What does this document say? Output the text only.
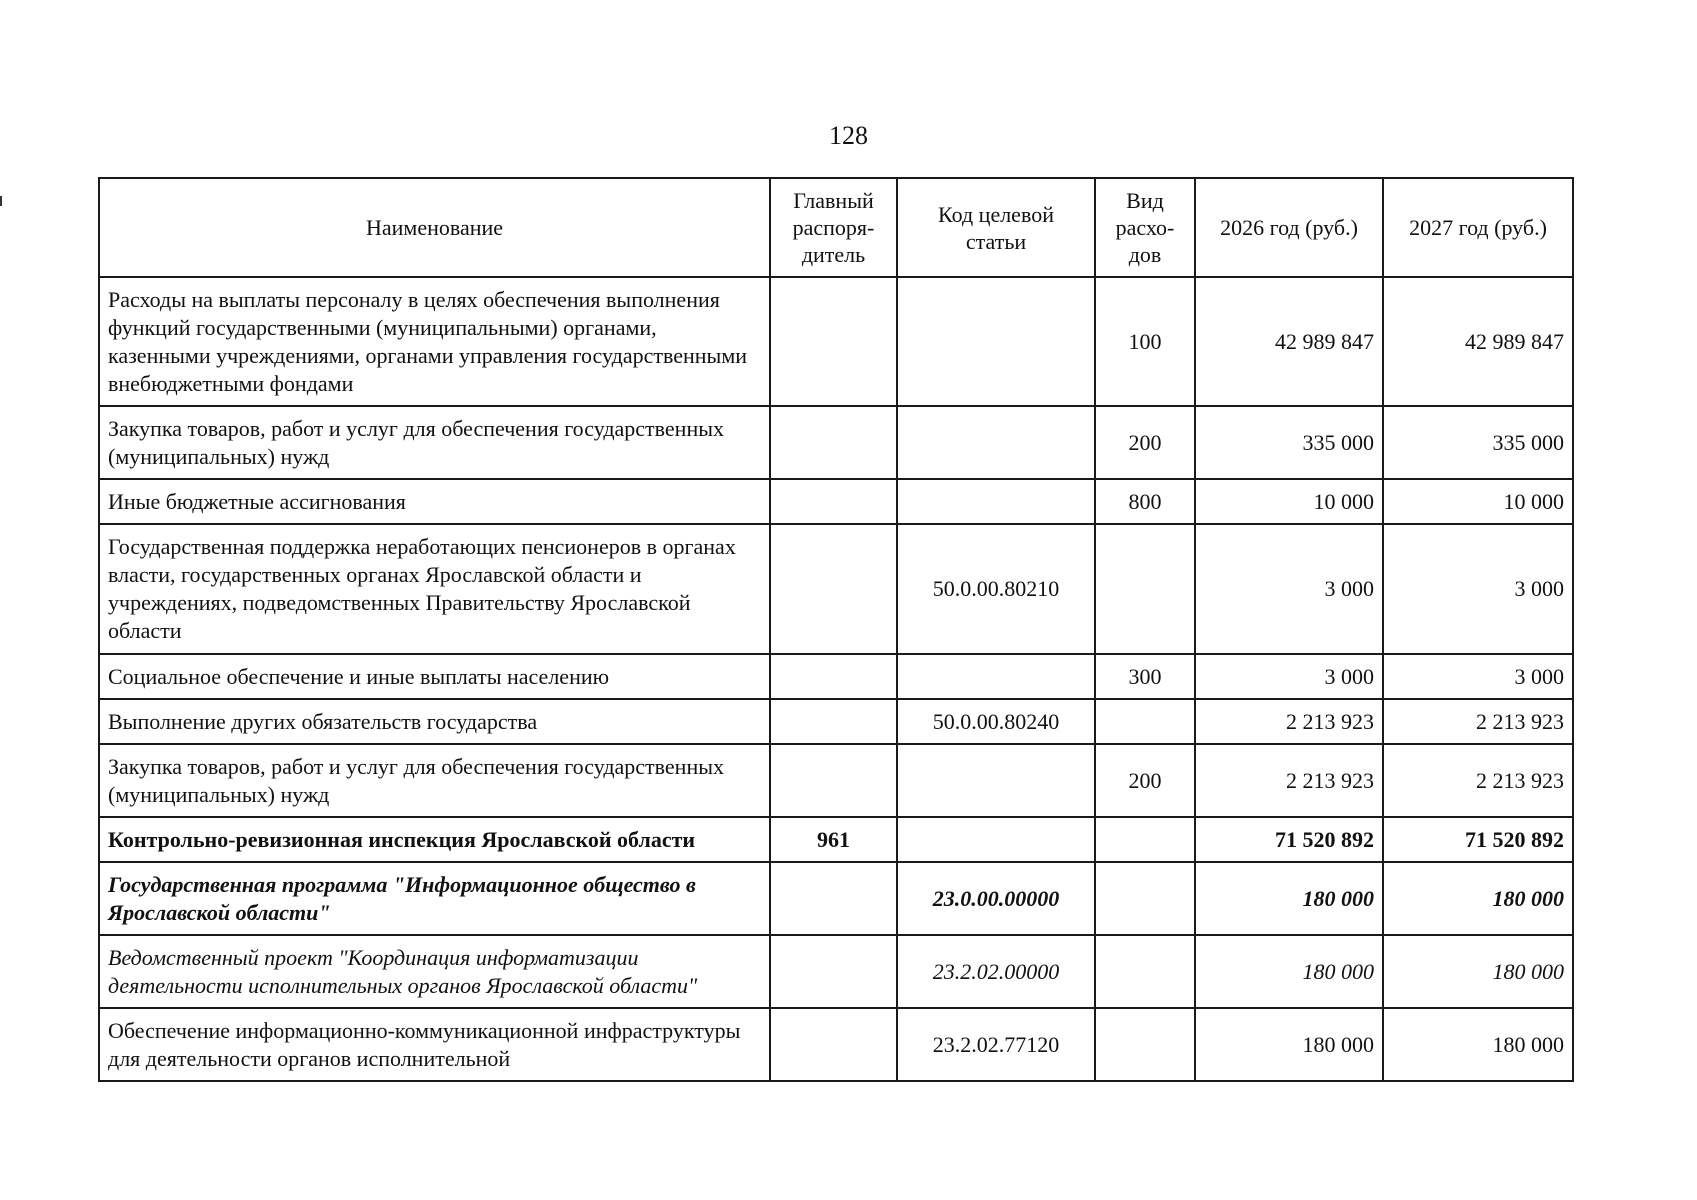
128
Наименование	Главный распоря-дитель	Код целевой статьи	Вид расхо-дов	2026 год (руб.)	2027 год (руб.)
Расходы на выплаты персоналу в целях обеспечения выполнения функций государственными (муниципальными) органами, казенными учреждениями, органами управления государственными внебюджетными фондами			100	42 989 847	42 989 847
Закупка товаров, работ и услуг для обеспечения государственных (муниципальных) нужд			200	335 000	335 000
Иные бюджетные ассигнования			800	10 000	10 000
Государственная поддержка неработающих пенсионеров в органах власти, государственных органах Ярославской области и учреждениях, подведомственных Правительству Ярославской области		50.0.00.80210		3 000	3 000
Социальное обеспечение и иные выплаты населению			300	3 000	3 000
Выполнение других обязательств государства		50.0.00.80240		2 213 923	2 213 923
Закупка товаров, работ и услуг для обеспечения государственных (муниципальных) нужд			200	2 213 923	2 213 923
Контрольно-ревизионная инспекция Ярославской области	961			71 520 892	71 520 892
Государственная программа "Информационное общество в Ярославской области"		23.0.00.00000		180 000	180 000
Ведомственный проект "Координация информатизации деятельности исполнительных органов Ярославской области"		23.2.02.00000		180 000	180 000
Обеспечение информационно-коммуникационной инфраструктуры для деятельности органов исполнительной		23.2.02.77120		180 000	180 000
